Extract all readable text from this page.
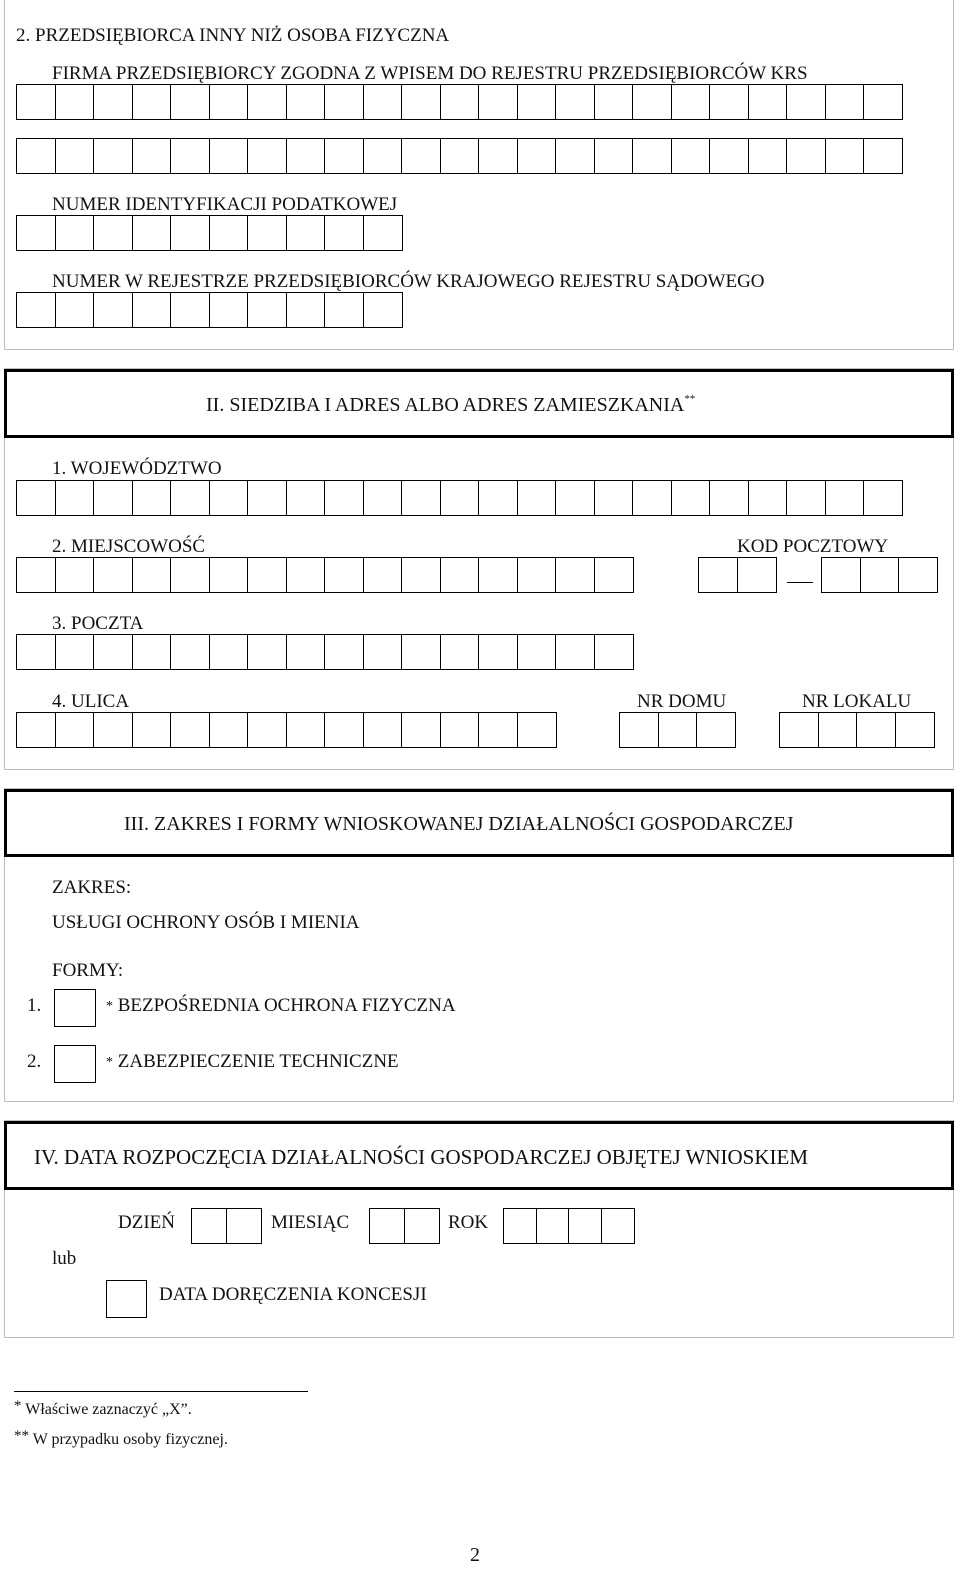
2. PRZEDSIĘBIORCA INNY NIŻ OSOBA FIZYCZNA
FIRMA PRZEDSIĘBIORCY ZGODNA Z WPISEM DO REJESTRU PRZEDSIĘBIORCÓW KRS
NUMER IDENTYFIKACJI PODATKOWEJ
NUMER W REJESTRZE PRZEDSIĘBIORCÓW KRAJOWEGO REJESTRU SĄDOWEGO
II. SIEDZIBA I ADRES ALBO ADRES ZAMIESZKANIA**
1. WOJEWÓDZTWO
2. MIEJSCOWOŚĆ	KOD POCZTOWY
3. POCZTA
4. ULICA	NR DOMU	NR LOKALU
III. ZAKRES I FORMY WNIOSKOWANEJ DZIAŁALNOŚCI GOSPODARCZEJ
ZAKRES:
USŁUGI OCHRONY OSÓB I MIENIA
FORMY:
1.	* BEZPOŚREDNIA OCHRONA FIZYCZNA
2.	* ZABEZPIECZENIE TECHNICZNE
IV. DATA ROZPOCZĘCIA DZIAŁALNOŚCI GOSPODARCZEJ OBJĘTEJ WNIOSKIEM
DZIEŃ	MIESIĄC	ROK
lub
DATA DORĘCZENIA KONCESJI
* Właściwe zaznaczyć „X”.
** W przypadku osoby fizycznej.
2
